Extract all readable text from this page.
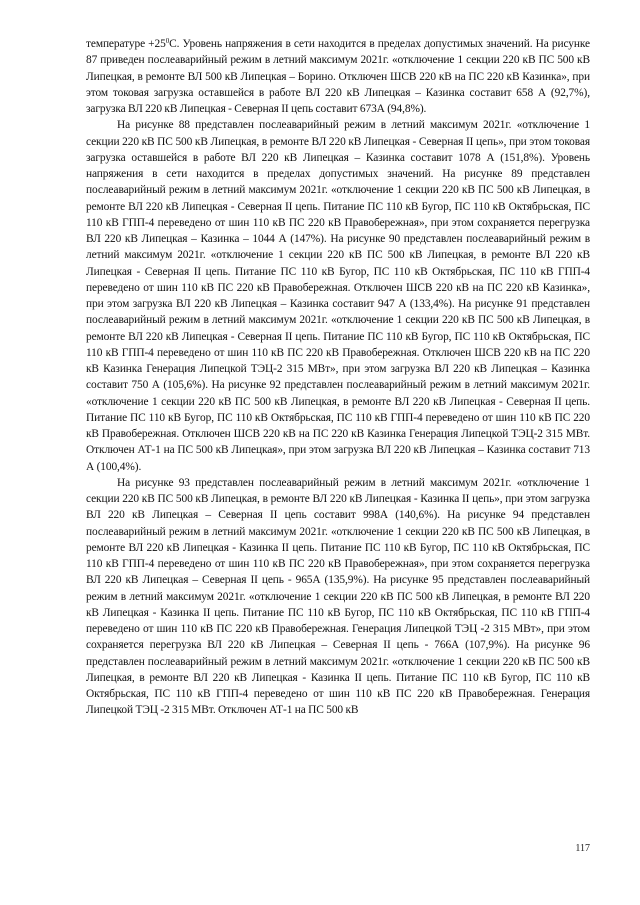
температуре $+25^0С$. Уровень напряжения в сети находится в пределах допустимых значений. На рисунке 87 приведен послеаварийный режим в летний максимум 2021г. «отключение 1 секции 220 кВ ПС 500 кВ Липецкая, в ремонте ВЛ 500 кВ Липецкая – Борино. Отключен ШСВ 220 кВ на ПС 220 кВ Казинка», при этом токовая загрузка оставшейся в работе ВЛ 220 кВ Липецкая – Казинка составит 658 А (92,7%), загрузка ВЛ 220 кВ Липецкая - Северная II цепь составит 673А (94,8%).

На рисунке 88 представлен послеаварийный режим в летний максимум 2021г. «отключение 1 секции 220 кВ ПС 500 кВ Липецкая, в ремонте ВЛ 220 кВ Липецкая - Северная II цепь», при этом токовая загрузка оставшейся в работе ВЛ 220 кВ Липецкая – Казинка составит 1078 А (151,8%). Уровень напряжения в сети находится в пределах допустимых значений. На рисунке 89 представлен послеаварийный режим в летний максимум 2021г. «отключение 1 секции 220 кВ ПС 500 кВ Липецкая, в ремонте ВЛ 220 кВ Липецкая - Северная II цепь. Питание ПС 110 кВ Бугор, ПС 110 кВ Октябрьская, ПС 110 кВ ГПП-4 переведено от шин 110 кВ ПС 220 кВ Правобережная», при этом сохраняется перегрузка ВЛ 220 кВ Липецкая – Казинка – 1044 А (147%). На рисунке 90 представлен послеаварийный режим в летний максимум 2021г. «отключение 1 секции 220 кВ ПС 500 кВ Липецкая, в ремонте ВЛ 220 кВ Липецкая - Северная II цепь. Питание ПС 110 кВ Бугор, ПС 110 кВ Октябрьская, ПС 110 кВ ГПП-4 переведено от шин 110 кВ ПС 220 кВ Правобережная. Отключен ШСВ 220 кВ на ПС 220 кВ Казинка», при этом загрузка ВЛ 220 кВ Липецкая – Казинка составит 947 А (133,4%). На рисунке 91 представлен послеаварийный режим в летний максимум 2021г. «отключение 1 секции 220 кВ ПС 500 кВ Липецкая, в ремонте ВЛ 220 кВ Липецкая - Северная II цепь. Питание ПС 110 кВ Бугор, ПС 110 кВ Октябрьская, ПС 110 кВ ГПП-4 переведено от шин 110 кВ ПС 220 кВ Правобережная. Отключен ШСВ 220 кВ на ПС 220 кВ Казинка Генерация Липецкой ТЭЦ-2 315 МВт», при этом загрузка ВЛ 220 кВ Липецкая – Казинка составит 750 А (105,6%). На рисунке 92 представлен послеаварийный режим в летний максимум 2021г. «отключение 1 секции 220 кВ ПС 500 кВ Липецкая, в ремонте ВЛ 220 кВ Липецкая - Северная II цепь. Питание ПС 110 кВ Бугор, ПС 110 кВ Октябрьская, ПС 110 кВ ГПП-4 переведено от шин 110 кВ ПС 220 кВ Правобережная. Отключен ШСВ 220 кВ на ПС 220 кВ Казинка Генерация Липецкой ТЭЦ-2 315 МВт. Отключен АТ-1 на ПС 500 кВ Липецкая», при этом загрузка ВЛ 220 кВ Липецкая – Казинка составит 713 А (100,4%).

На рисунке 93 представлен послеаварийный режим в летний максимум 2021г. «отключение 1 секции 220 кВ ПС 500 кВ Липецкая, в ремонте ВЛ 220 кВ Липецкая - Казинка II цепь», при этом загрузка ВЛ 220 кВ Липецкая – Северная II цепь составит 998А (140,6%). На рисунке 94 представлен послеаварийный режим в летний максимум 2021г. «отключение 1 секции 220 кВ ПС 500 кВ Липецкая, в ремонте ВЛ 220 кВ Липецкая - Казинка II цепь. Питание ПС 110 кВ Бугор, ПС 110 кВ Октябрьская, ПС 110 кВ ГПП-4 переведено от шин 110 кВ ПС 220 кВ Правобережная», при этом сохраняется перегрузка ВЛ 220 кВ Липецкая – Северная II цепь - 965А (135,9%). На рисунке 95 представлен послеаварийный режим в летний максимум 2021г. «отключение 1 секции 220 кВ ПС 500 кВ Липецкая, в ремонте ВЛ 220 кВ Липецкая - Казинка II цепь. Питание ПС 110 кВ Бугор, ПС 110 кВ Октябрьская, ПС 110 кВ ГПП-4 переведено от шин 110 кВ ПС 220 кВ Правобережная. Генерация Липецкой ТЭЦ -2 315 МВт», при этом сохраняется перегрузка ВЛ 220 кВ Липецкая – Северная II цепь - 766А (107,9%). На рисунке 96 представлен послеаварийный режим в летний максимум 2021г. «отключение 1 секции 220 кВ ПС 500 кВ Липецкая, в ремонте ВЛ 220 кВ Липецкая - Казинка II цепь. Питание ПС 110 кВ Бугор, ПС 110 кВ Октябрьская, ПС 110 кВ ГПП-4 переведено от шин 110 кВ ПС 220 кВ Правобережная. Генерация Липецкой ТЭЦ -2 315 МВт. Отключен АТ-1 на ПС 500 кВ

117
